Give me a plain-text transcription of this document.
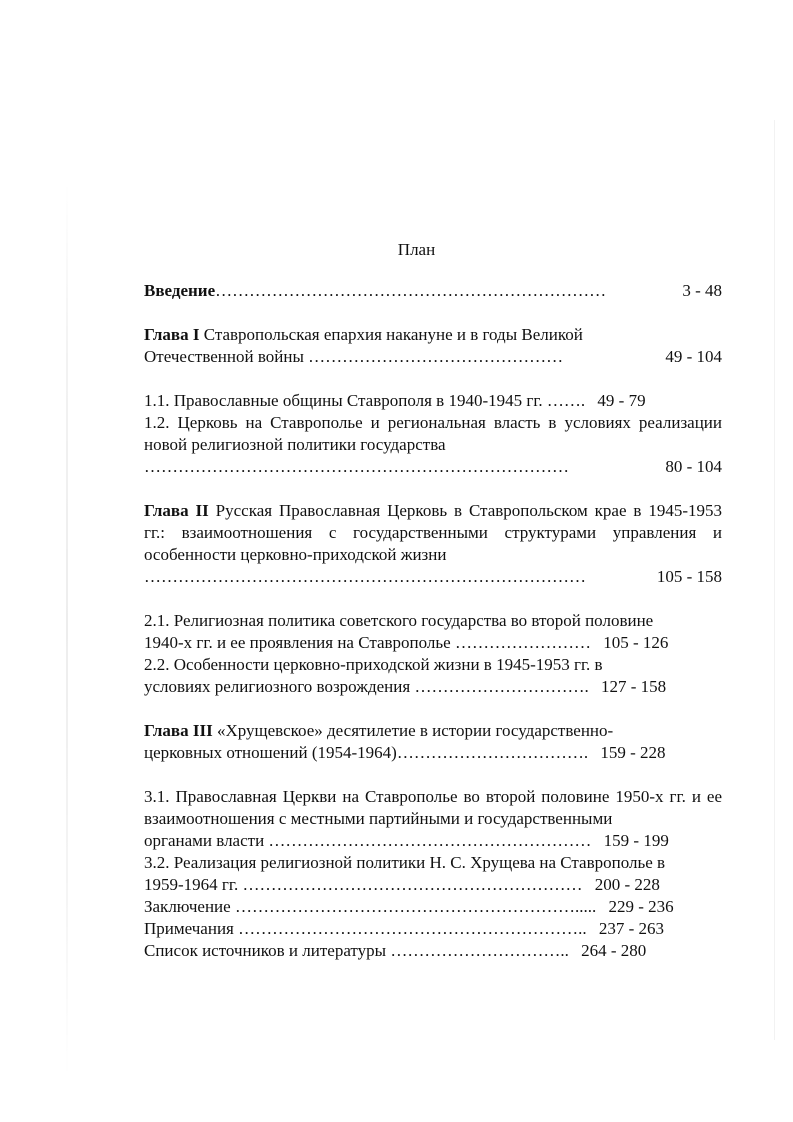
План
Введение……………………………………………………………	3 - 48
Глава I Ставропольская епархия накануне и в годы Великой
Отечественной войны ………………………………………	49 - 104
1.1. Православные общины Ставрополя в 1940-1945 гг. ……. 49 - 79
1.2. Церковь на Ставрополье и региональная власть в условиях реализации новой религиозной политики государства
…………………………………………………………………	80 - 104
Глава II Русская Православная Церковь в Ставропольском крае в 1945-1953 гг.: взаимоотношения с государственными структурами управления и особенности церковно-приходской жизни
……………………………………………………………………	105 - 158
2.1. Религиозная политика советского государства во второй половине
1940-х гг. и ее проявления на Ставрополье …………………… 105 - 126
2.2. Особенности церковно-приходской жизни в 1945-1953 гг. в
условиях религиозного возрождения …………………………. 127 - 158
Глава III «Хрущевское» десятилетие в истории государственно-
церковных отношений (1954-1964)……………………………. 159 - 228
3.1. Православная Церкви на Ставрополье во второй половине 1950-х гг. и ее взаимоотношения с местными партийными и государственными
органами власти ………………………………………………… 159 - 199
3.2. Реализация религиозной политики Н. С. Хрущева на Ставрополье в
1959-1964 гг. …………………………………………………… 200 - 228
Заключение ……………………………………………………..... 229 - 236
Примечания …………………………………………………….. 237 - 263
Список источников и литературы ………………………….. 264 - 280
